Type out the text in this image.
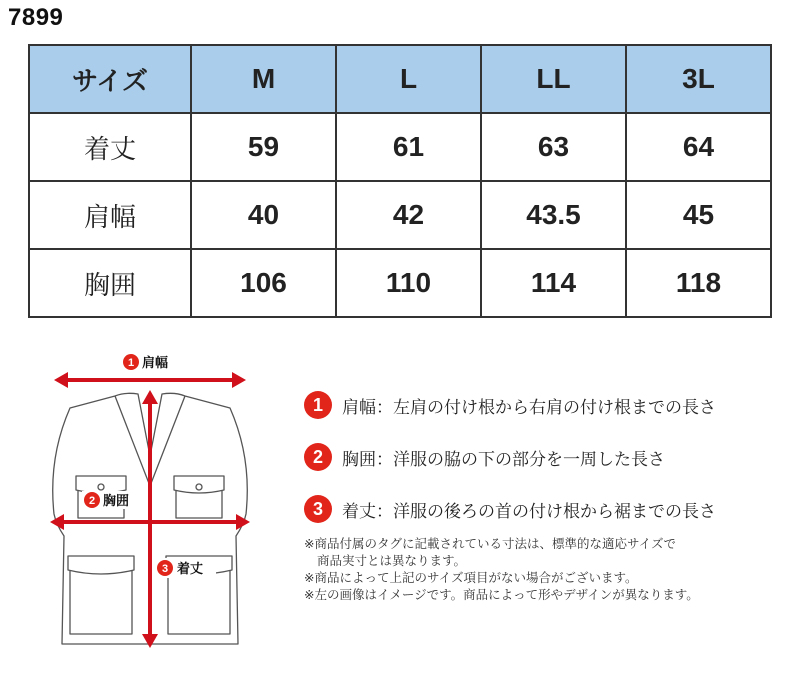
7899
サイズ	M	L	LL	3L
着丈	59	61	63	64
肩幅	40	42	43.5	45
胸囲	106	110	114	118
1 肩幅
2 胸囲
3 着丈
1	肩幅 ：左肩の付け根から右肩の付け根までの長さ
2	胸囲 ：洋服の脇の下の部分を一周した長さ
3	着丈 ：洋服の後ろの首の付け根から裾までの長さ
※商品付属のタグに記載されている寸法は、標準的な適応サイズで
商品実寸とは異なります。
※商品によって上記のサイズ項目がない場合がございます。
※左の画像はイメージです。商品によって形やデザインが異なります。
